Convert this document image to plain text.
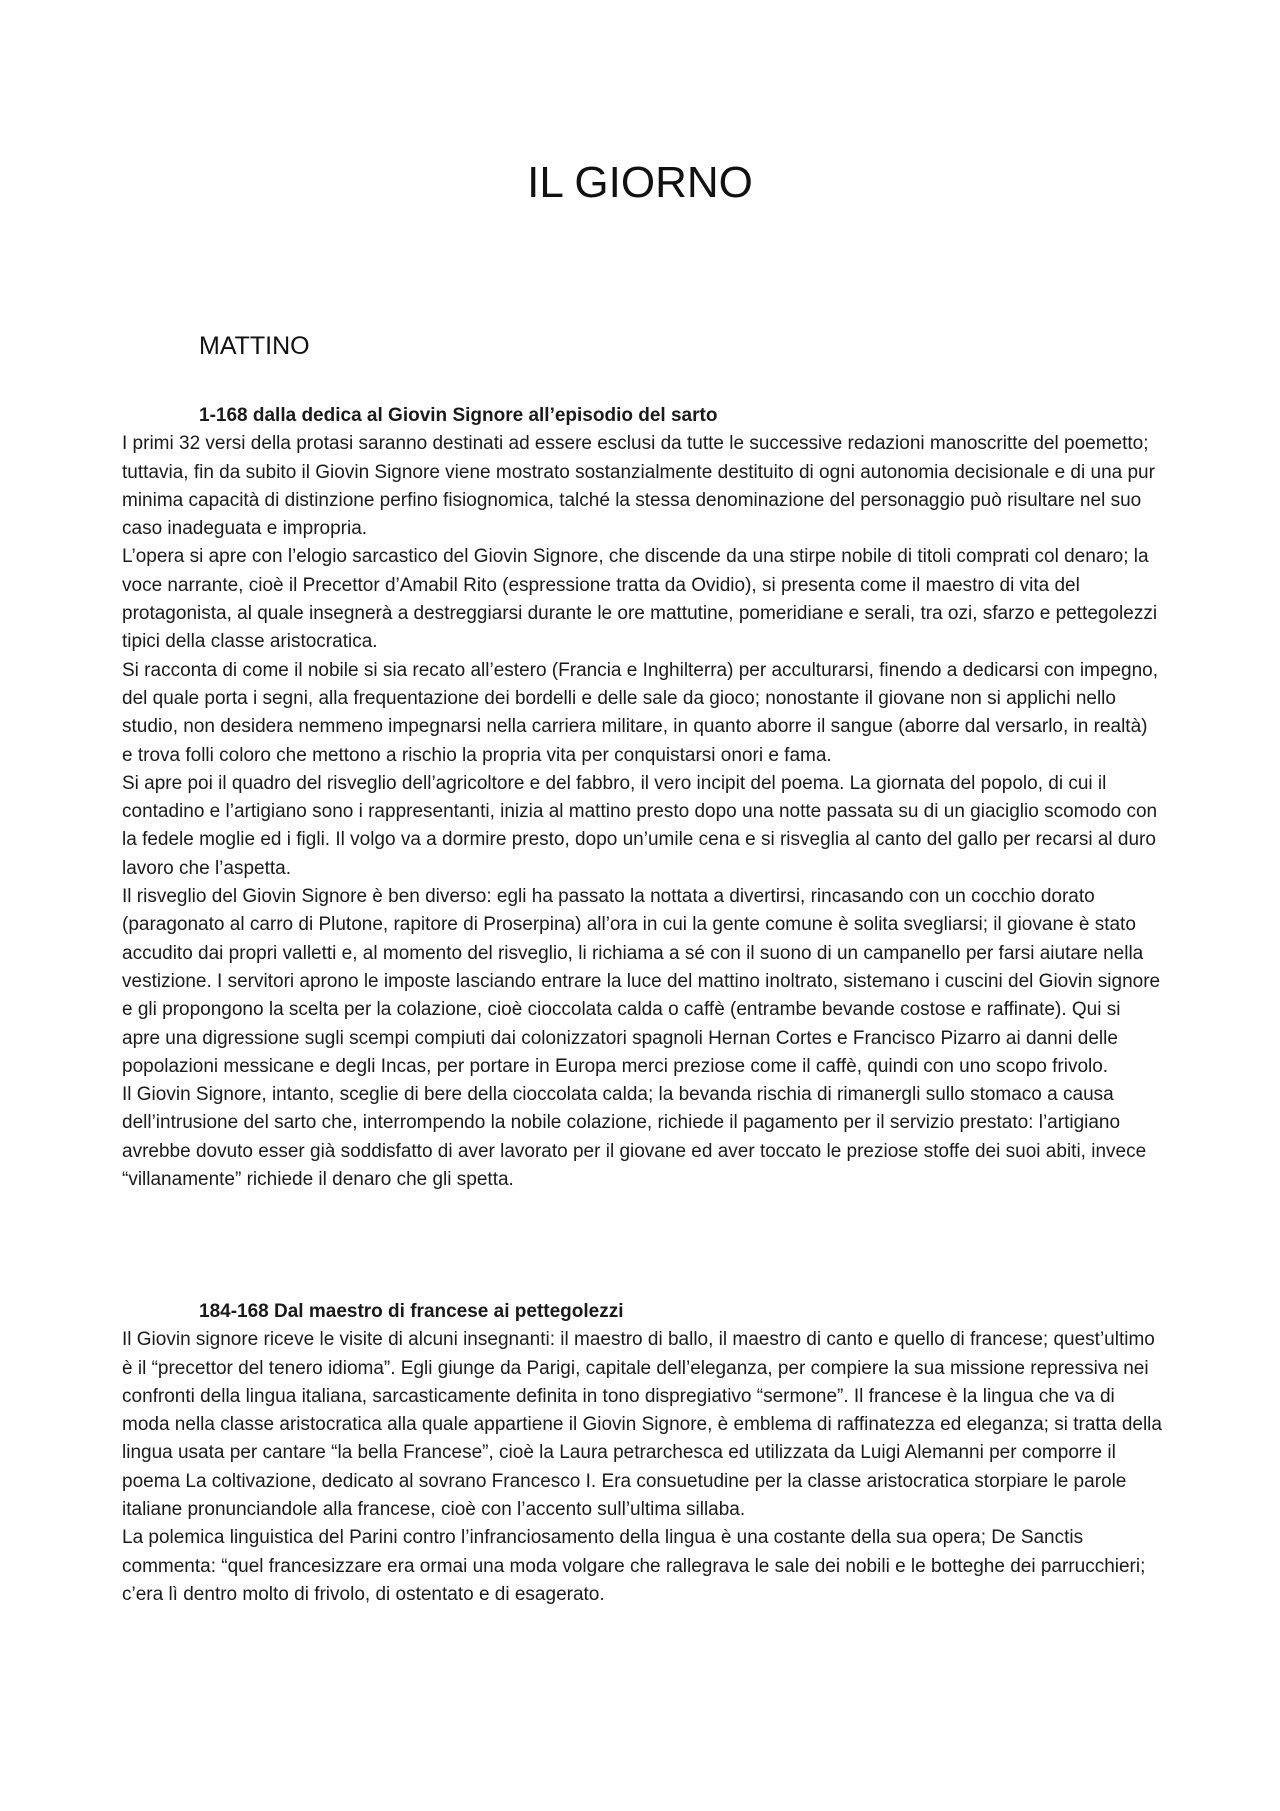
IL GIORNO
MATTINO

1-168 dalla dedica al Giovin Signore all’episodio del sarto

I primi 32 versi della protasi saranno destinati ad essere esclusi da tutte le successive redazioni manoscritte del poemetto; tuttavia, fin da subito il Giovin Signore viene mostrato sostanzialmente destituito di ogni autonomia decisionale e di una pur minima capacità di distinzione perfino fisiognomica, talché la stessa denominazione del personaggio può risultare nel suo caso inadeguata e impropria.

L’opera si apre con l’elogio sarcastico del Giovin Signore, che discende da una stirpe nobile di titoli comprati col denaro; la voce narrante, cioè il Precettor d’Amabil Rito (espressione tratta da Ovidio), si presenta come il maestro di vita del protagonista, al quale insegnerà a destreggiarsi durante le ore mattutine, pomeridiane e serali, tra ozi, sfarzo e pettegolezzi tipici della classe aristocratica.

Si racconta di come il nobile si sia recato all’estero (Francia e Inghilterra) per acculturarsi, finendo a dedicarsi con impegno, del quale porta i segni, alla frequentazione dei bordelli e delle sale da gioco; nonostante il giovane non si applichi nello studio, non desidera nemmeno impegnarsi nella carriera militare, in quanto aborre il sangue (aborre dal versarlo, in realtà) e trova folli coloro che mettono a rischio la propria vita per conquistarsi onori e fama.

Si apre poi il quadro del risveglio dell’agricoltore e del fabbro, il vero incipit del poema. La giornata del popolo, di cui il contadino e l’artigiano sono i rappresentanti, inizia al mattino presto dopo una notte passata su di un giaciglio scomodo con la fedele moglie ed i figli. Il volgo va a dormire presto, dopo un’umile cena e si risveglia al canto del gallo per recarsi al duro lavoro che l’aspetta.

Il risveglio del Giovin Signore è ben diverso: egli ha passato la nottata a divertirsi, rincasando con un cocchio dorato (paragonato al carro di Plutone, rapitore di Proserpina) all’ora in cui la gente comune è solita svegliarsi; il giovane è stato accudito dai propri valletti e, al momento del risveglio, li richiama a sé con il suono di un campanello per farsi aiutare nella vestizione. I servitori aprono le imposte lasciando entrare la luce del mattino inoltrato, sistemano i cuscini del Giovin signore e gli propongono la scelta per la colazione, cioè cioccolata calda o caffè (entrambe bevande costose e raffinate). Qui si apre una digressione sugli scempi compiuti dai colonizzatori spagnoli Hernan Cortes e Francisco Pizarro ai danni delle popolazioni messicane e degli Incas, per portare in Europa merci preziose come il caffè, quindi con uno scopo frivolo.

Il Giovin Signore, intanto, sceglie di bere della cioccolata calda; la bevanda rischia di rimanergli sullo stomaco a causa dell’intrusione del sarto che, interrompendo la nobile colazione, richiede il pagamento per il servizio prestato: l’artigiano avrebbe dovuto esser già soddisfatto di aver lavorato per il giovane ed aver toccato le preziose stoffe dei suoi abiti, invece “villanamente” richiede il denaro che gli spetta.

184-168 Dal maestro di francese ai pettegolezzi

Il Giovin signore riceve le visite di alcuni insegnanti: il maestro di ballo, il maestro di canto e quello di francese; quest’ultimo è il “precettor del tenero idioma”. Egli giunge da Parigi, capitale dell’eleganza, per compiere la sua missione repressiva nei confronti della lingua italiana, sarcasticamente definita in tono dispregiativo “sermone”. Il francese è la lingua che va di moda nella classe aristocratica alla quale appartiene il Giovin Signore, è emblema di raffinatezza ed eleganza; si tratta della lingua usata per cantare “la bella Francese”, cioè la Laura petrarchesca ed utilizzata da Luigi Alemanni per comporre il poema La coltivazione, dedicato al sovrano Francesco I. Era consuetudine per la classe aristocratica storpiare le parole italiane pronunciandole alla francese, cioè con l’accento sull’ultima sillaba.

La polemica linguistica del Parini contro l’infranciosamento della lingua è una costante della sua opera; De Sanctis commenta: “quel francesizzare era ormai una moda volgare che rallegrava le sale dei nobili e le botteghe dei parrucchieri; c’era lì dentro molto di frivolo, di ostentato e di esagerato.
